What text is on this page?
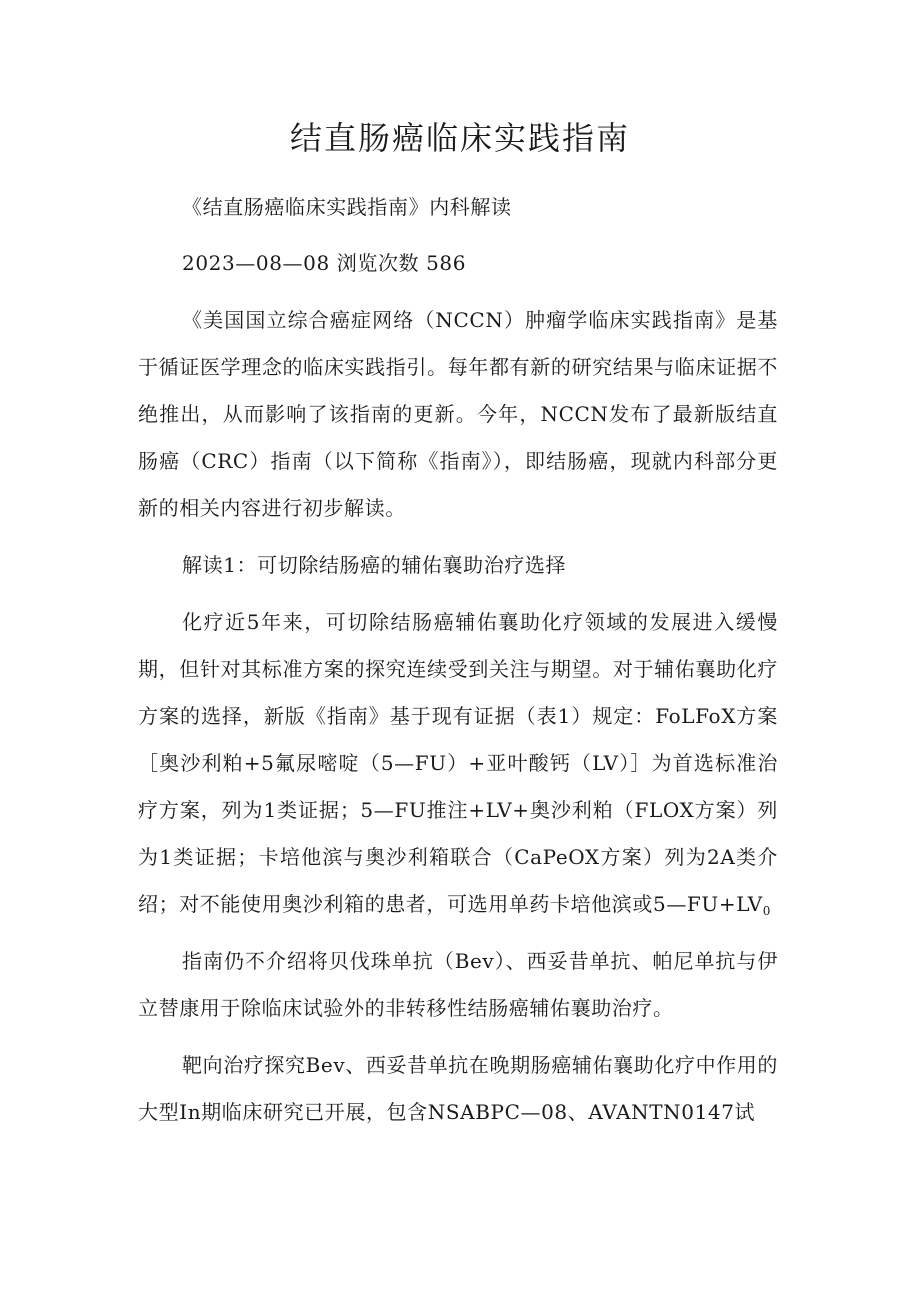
结直肠癌临床实践指南

《结直肠癌临床实践指南》内科解读

2023—08—08 浏览次数 586

《美国国立综合癌症网络（NCCN）肿瘤学临床实践指南》是基于循证医学理念的临床实践指引。每年都有新的研究结果与临床证据不绝推出，从而影响了该指南的更新。今年，NCCN发布了最新版结直肠癌（CRC）指南（以下简称《指南》），即结肠癌，现就内科部分更新的相关内容进行初步解读。

解读1：可切除结肠癌的辅佑襄助治疗选择

化疗近5年来，可切除结肠癌辅佑襄助化疗领域的发展进入缓慢期，但针对其标准方案的探究连续受到关注与期望。对于辅佑襄助化疗方案的选择，新版《指南》基于现有证据（表1）规定：FoLFoX方案［奥沙利粕+5氟尿嘧啶（5—FU）+亚叶酸钙（LV）］为首选标准治疗方案，列为1类证据；5—FU推注+LV+奥沙利粕（FLOX方案）列为1类证据；卡培他滨与奥沙利箱联合（CaPeOX方案）列为2A类介绍；对不能使用奥沙利箱的患者，可选用单药卡培他滨或$5—FU+LV_0$

指南仍不介绍将贝伐珠单抗（Bev）、西妥昔单抗、帕尼单抗与伊立替康用于除临床试验外的非转移性结肠癌辅佑襄助治疗。

靶向治疗探究Bev、西妥昔单抗在晚期肠癌辅佑襄助化疗中作用的大型In期临床研究已开展，包含NSABPC—08、AVANTN0147试
